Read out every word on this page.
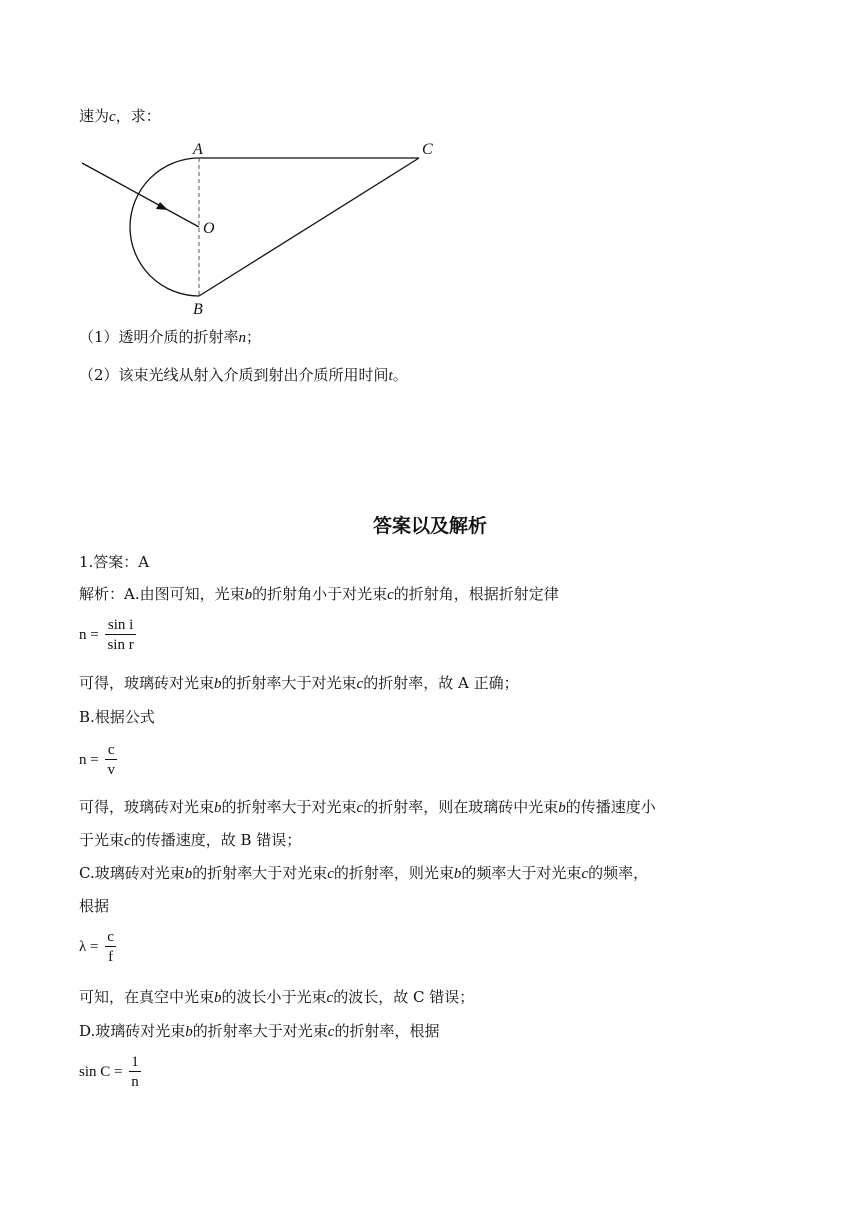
速为c，求：
A	C
O
B
（1）透明介质的折射率n；
（2）该束光线从射入介质到射出介质所用时间t。
答案以及解析
1.答案：A
解析：A.由图可知，光束b的折射角小于对光束c的折射角，根据折射定律
$n = \frac{\text{sin i}}{\text{sin r}}$
可得，玻璃砖对光束b的折射率大于对光束c的折射率，故 A 正确；
B.根据公式
$n = \frac{c}{v}$
可得，玻璃砖对光束b的折射率大于对光束c的折射率，则在玻璃砖中光束b的传播速度小
于光束c的传播速度，故 B 错误；
C.玻璃砖对光束b的折射率大于对光束c的折射率，则光束b的频率大于对光束c的频率，
根据
$\lambda = \frac{c}{f}$
可知，在真空中光束b的波长小于光束c的波长，故 C 错误；
D.玻璃砖对光束b的折射率大于对光束c的折射率，根据
$\sin C = \frac{1}{n}$
